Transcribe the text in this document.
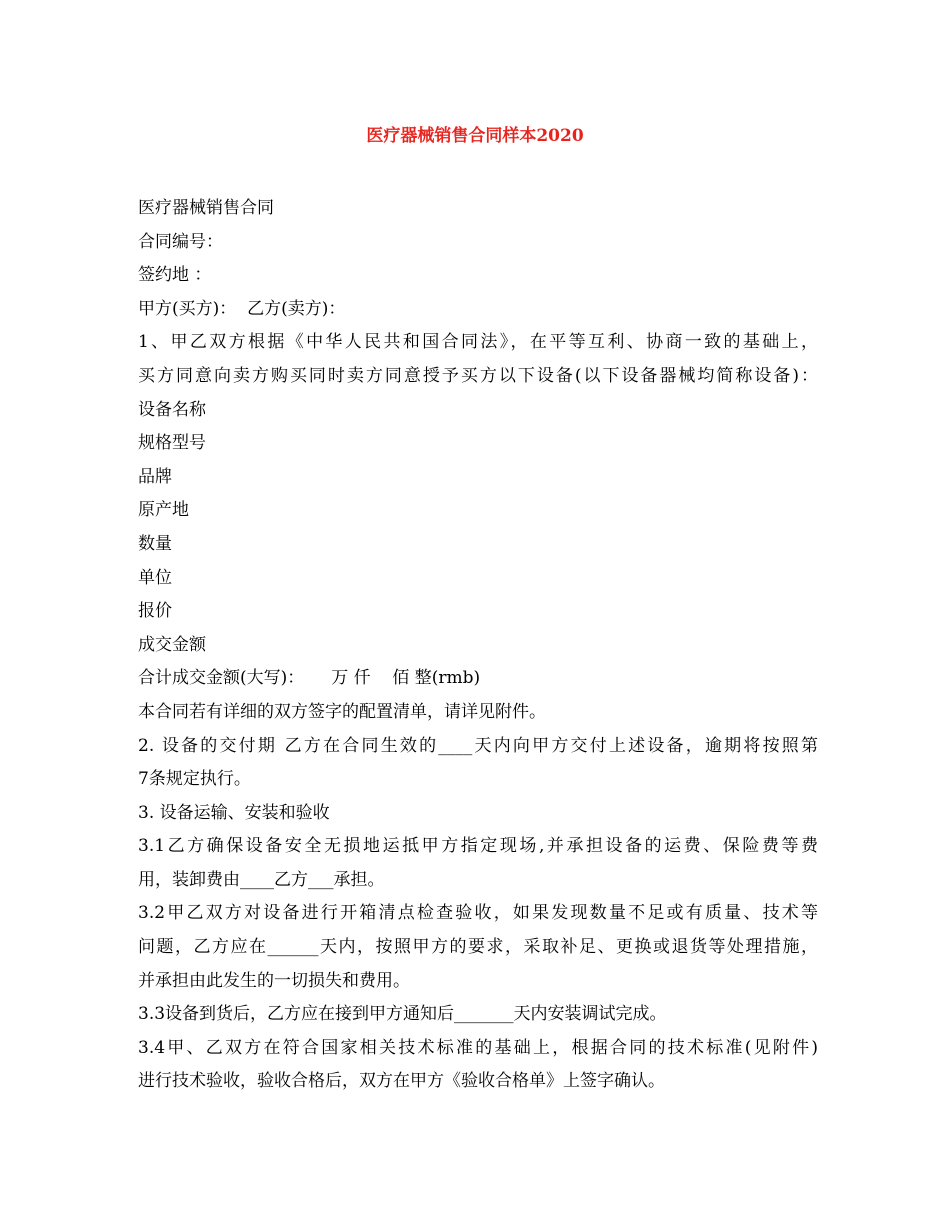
医疗器械销售合同样本2020
医疗器械销售合同
合同编号：
签约地 ：
甲方(买方)：  乙方(卖方)：
1、甲乙双方根据《中华人民共和国合同法》，在平等互利、协商一致的基础上，
买方同意向卖方购买同时卖方同意授予买方以下设备(以下设备器械均简称设备)：
设备名称
规格型号
品牌
原产地
数量
单位
报价
成交金额
合计成交金额(大写)：     万 仟    佰 整(rmb)
本合同若有详细的双方签字的配置清单，请详见附件。
2. 设备的交付期 乙方在合同生效的____天内向甲方交付上述设备，逾期将按照第
7条规定执行。
3. 设备运输、安装和验收
3.1乙方确保设备安全无损地运抵甲方指定现场,并承担设备的运费、保险费等费
用，装卸费由____乙方___承担。
3.2甲乙双方对设备进行开箱清点检查验收，如果发现数量不足或有质量、技术等
问题，乙方应在______天内，按照甲方的要求，采取补足、更换或退货等处理措施，
并承担由此发生的一切损失和费用。
3.3设备到货后，乙方应在接到甲方通知后_______天内安装调试完成。
3.4甲、乙双方在符合国家相关技术标准的基础上，根据合同的技术标准(见附件)
进行技术验收，验收合格后，双方在甲方《验收合格单》上签字确认。
